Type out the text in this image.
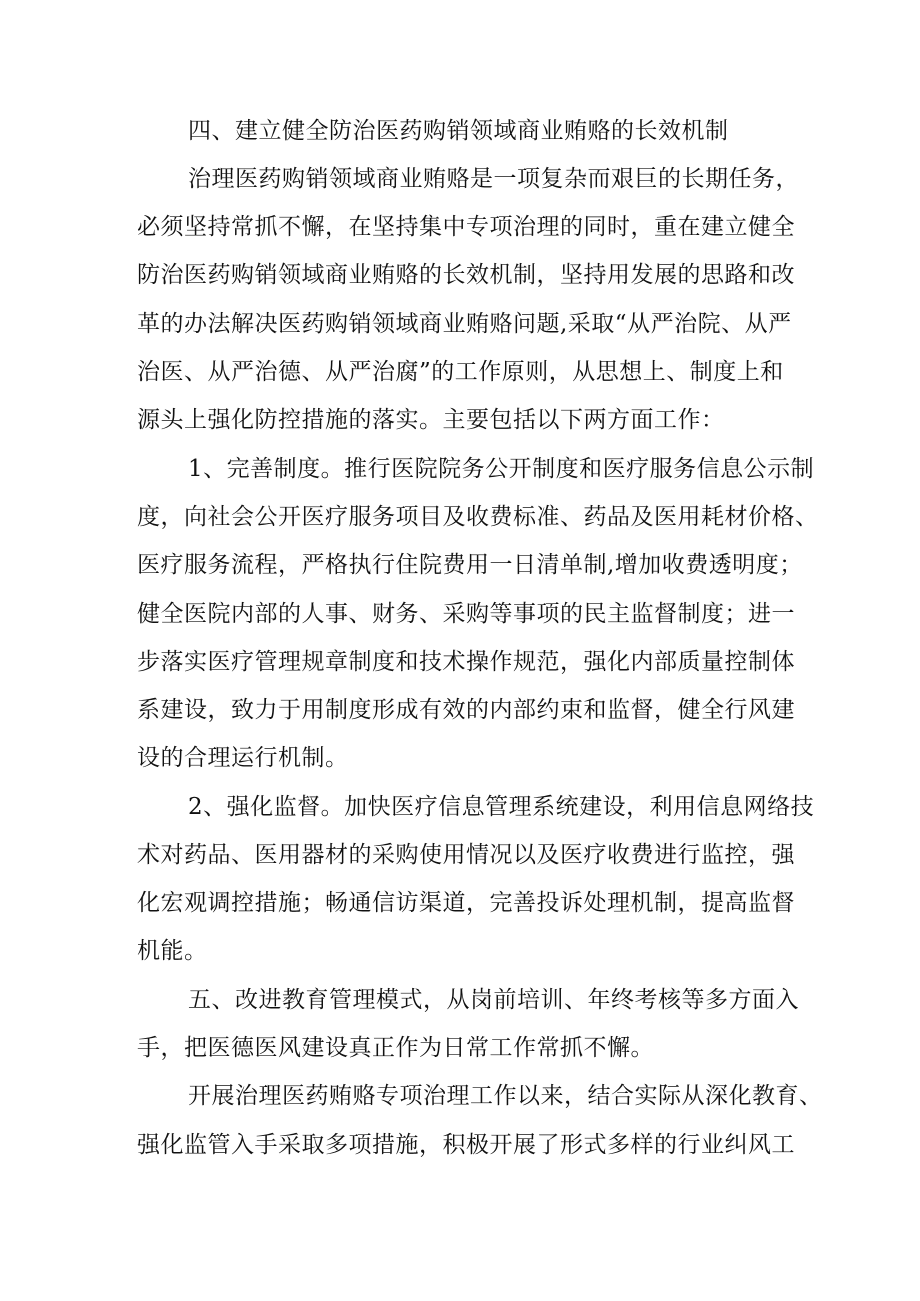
四、建立健全防治医药购销领域商业贿赂的长效机制
治理医药购销领域商业贿赂是一项复杂而艰巨的长期任务，
必须坚持常抓不懈，在坚持集中专项治理的同时，重在建立健全
防治医药购销领域商业贿赂的长效机制，坚持用发展的思路和改
革的办法解决医药购销领域商业贿赂问题,采取“从严治院、从严
治医、从严治德、从严治腐”的工作原则，从思想上、制度上和
源头上强化防控措施的落实。主要包括以下两方面工作：
1、完善制度。推行医院院务公开制度和医疗服务信息公示制
度，向社会公开医疗服务项目及收费标准、药品及医用耗材价格、
医疗服务流程，严格执行住院费用一日清单制,增加收费透明度；
健全医院内部的人事、财务、采购等事项的民主监督制度；进一
步落实医疗管理规章制度和技术操作规范，强化内部质量控制体
系建设，致力于用制度形成有效的内部约束和监督，健全行风建
设的合理运行机制。
2、强化监督。加快医疗信息管理系统建设，利用信息网络技
术对药品、医用器材的采购使用情况以及医疗收费进行监控，强
化宏观调控措施；畅通信访渠道，完善投诉处理机制，提高监督
机能。
五、改进教育管理模式，从岗前培训、年终考核等多方面入
手，把医德医风建设真正作为日常工作常抓不懈。
开展治理医药贿赂专项治理工作以来，结合实际从深化教育、
强化监管入手采取多项措施，积极开展了形式多样的行业纠风工
